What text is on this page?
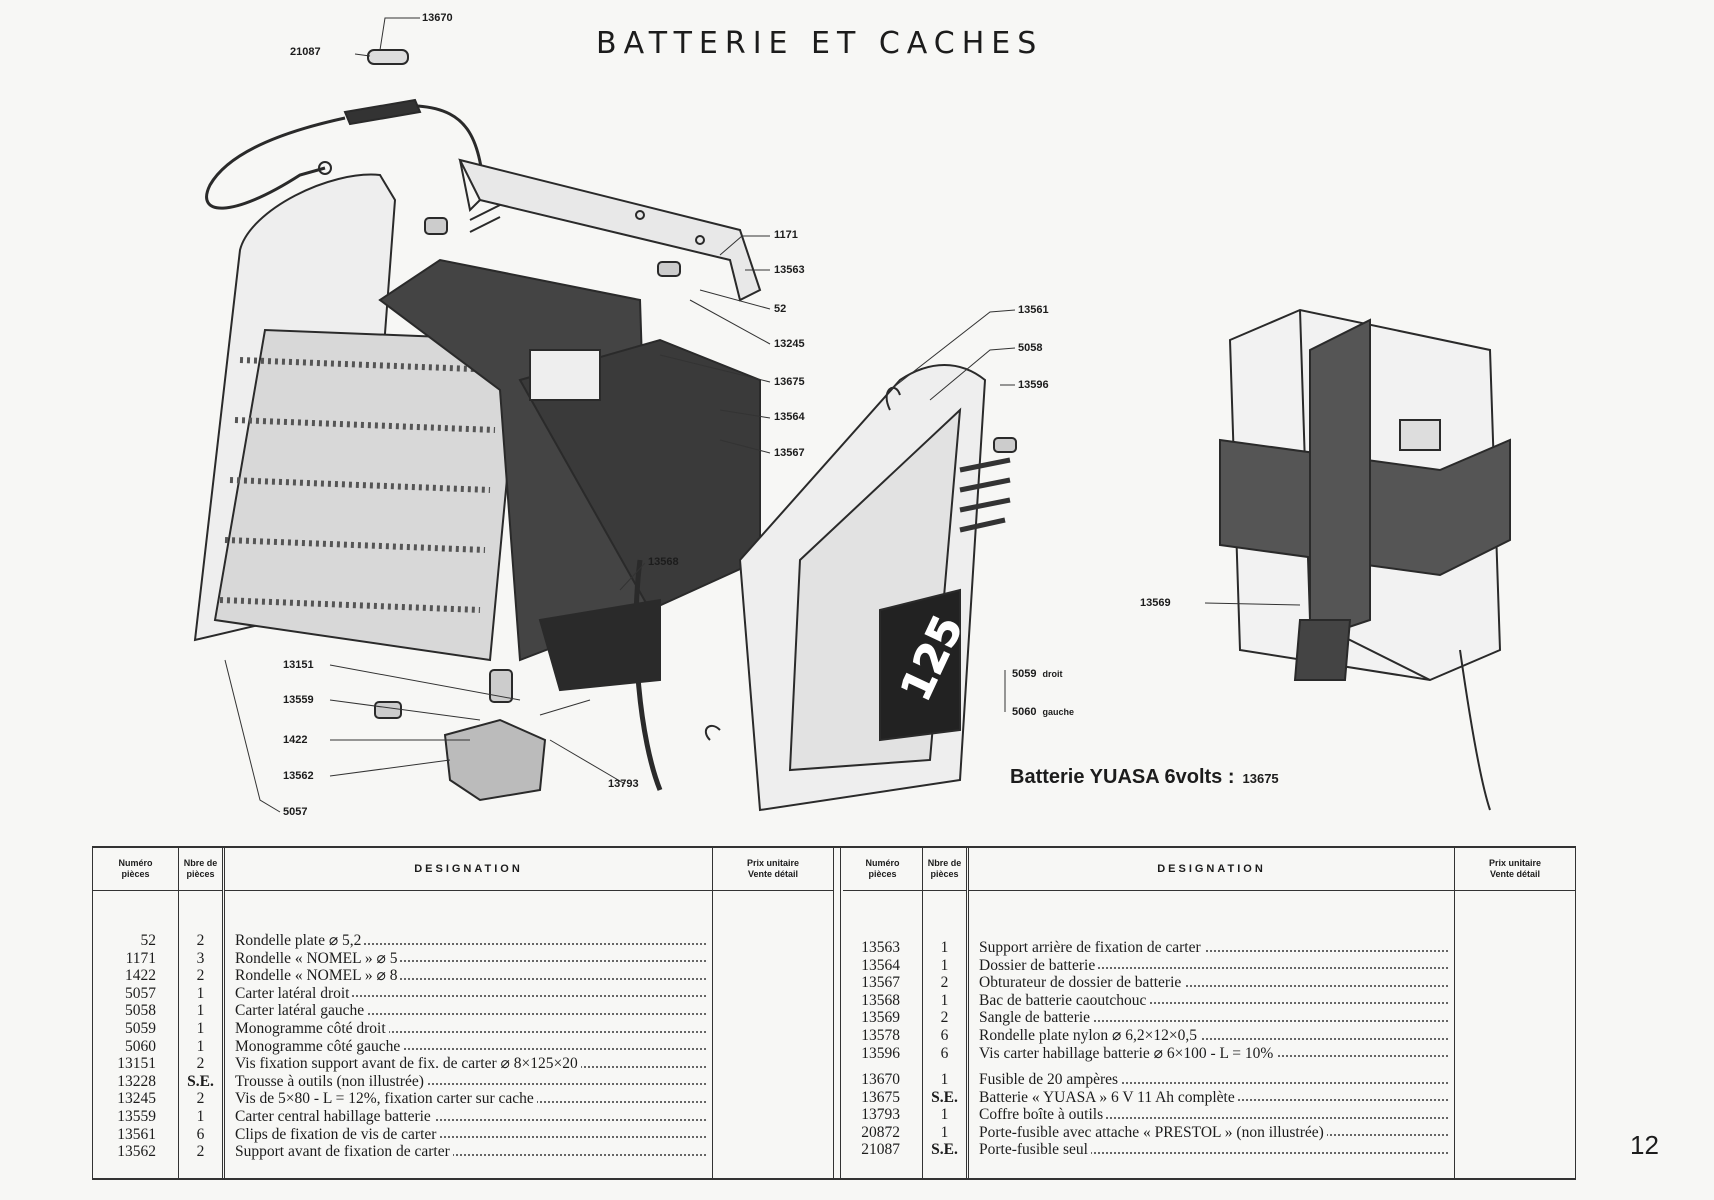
BATTERIE ET CACHES
125
13670
21087
1171
13563
52
13245
13675
13564
13567
13568
13561
5058
13596
13569
5059 droit
5060 gauche
13151
13559
1422
13562
13793
5057
Batterie YUASA 6volts : 13675
Numéro
pièces
52
1171
1422
5057
5058
5059
5060
13151
13228
13245
13559
13561
13562
Nbre de
pièces
2
3
2
1
1
1
1
2
S.E.
2
1
6
2
DESIGNATION
Rondelle plate ⌀ 5,2
Rondelle « NOMEL » ⌀ 5
Rondelle « NOMEL » ⌀ 8
Carter latéral droit
Carter latéral gauche
Monogramme côté droit
Monogramme côté gauche
Vis fixation support avant de fix. de carter ⌀ 8×125×20
Trousse à outils (non illustrée)
Vis de 5×80 - L = 12%, fixation carter sur cache
Carter central habillage batterie
Clips de fixation de vis de carter
Support avant de fixation de carter
Prix unitaire
Vente détail
Numéro
pièces
13563
13564
13567
13568
13569
13578
13596
13670
13675
13793
20872
21087
Nbre de
pièces
1
1
2
1
2
6
6
1
S.E.
1
1
S.E.
DESIGNATION
Support arrière de fixation de carter
Dossier de batterie
Obturateur de dossier de batterie
Bac de batterie caoutchouc
Sangle de batterie
Rondelle plate nylon ⌀ 6,2×12×0,5
Vis carter habillage batterie ⌀ 6×100 - L = 10%
Fusible de 20 ampères
Batterie « YUASA » 6 V 11 Ah complète
Coffre boîte à outils
Porte-fusible avec attache « PRESTOL » (non illustrée)
Porte-fusible seul
Prix unitaire
Vente détail
12
